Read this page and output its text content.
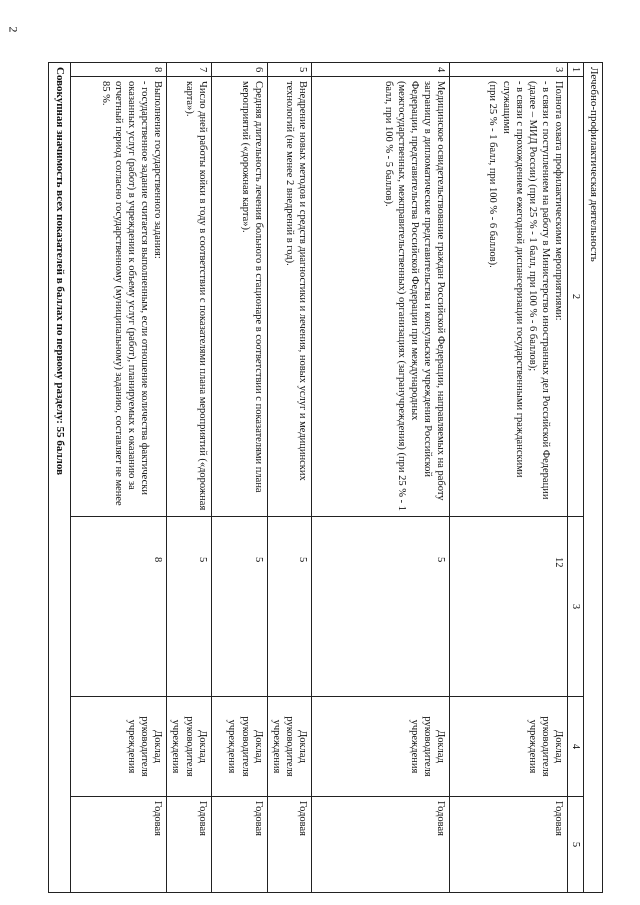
2
Лечебно-профилактическая деятельность				
1	2	3	4	5
3	Полнота охвата профилактическими мероприятиями:
- в связи с поступлением на работу в Министерство иностранных дел Российской Федерации (далее – МИД России) (при 25 % - 1 балл, при 100 % - 6 баллов);
- в связи с прохождением ежегодной диспансеризации государственными гражданскими служащими
(при 25 % - 1 балл, при 100 % - 6 баллов).	12	Доклад руководителя учреждения	Годовая
4	Медицинское освидетельствование граждан Российской Федерации, направляемых на работу заграницу в дипломатические представительства и консульские учреждения Российской Федерации, представительства Российской Федерации при международных (межгосударственных, межправительственных) организациях (загранучреждения) (при 25 % - 1 балл, при 100 % - 5 баллов).	5	Доклад руководителя учреждения	Годовая
5	Внедрение новых методов и средств диагностики и лечения, новых услуг и медицинских технологий (не менее 2 внедрений в год).	5	Доклад руководителя учреждения	Годовая
6	Средняя длительность лечения больного в стационаре в соответствии с показателями плана мероприятий («дорожная карта»).	5	Доклад руководителя учреждения	Годовая
7	Число дней работы койки в году в соответствии с показателями плана мероприятий («дорожная карта»).	5	Доклад руководителя учреждения	Годовая
8	Выполнение государственного задания:
- государственное задание считается выполненным, если отношение количества фактически оказанных услуг (работ) в учреждении к объему услуг (работ), планируемых к оказанию за отчетный период согласно государственному (муниципальному) заданию, составляет не менее 85 %.	8	Доклад руководителя учреждения	Годовая
Совокупная значимость всех показателей в баллах по первому разделу: 55 баллов				
